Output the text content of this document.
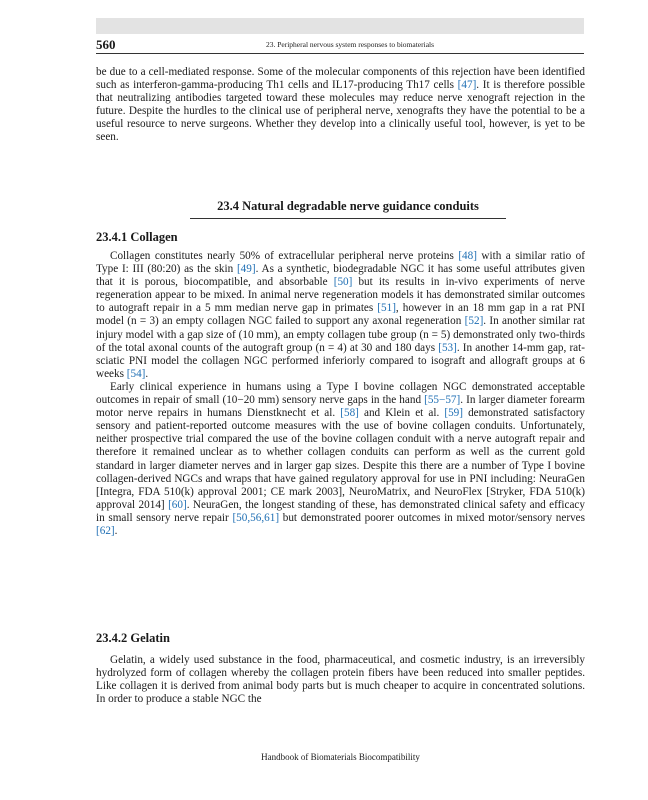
560	23. Peripheral nervous system responses to biomaterials

be due to a cell-mediated response. Some of the molecular components of this rejection have been identified such as interferon-gamma-producing Th1 cells and IL17-producing Th17 cells [47]. It is therefore possible that neutralizing antibodies targeted toward these molecules may reduce nerve xenograft rejection in the future. Despite the hurdles to the clinical use of peripheral nerve, xenografts they have the potential to be a useful resource to nerve surgeons. Whether they develop into a clinically useful tool, however, is yet to be seen.

23.4 Natural degradable nerve guidance conduits
23.4.1 Collagen

Collagen constitutes nearly 50% of extracellular peripheral nerve proteins [48] with a similar ratio of Type I: III (80:20) as the skin [49]. As a synthetic, biodegradable NGC it has some useful attributes given that it is porous, biocompatible, and absorbable [50] but its results in in-vivo experiments of nerve regeneration appear to be mixed. In animal nerve regeneration models it has demonstrated similar outcomes to autograft repair in a 5 mm median nerve gap in primates [51], however in an 18 mm gap in a rat PNI model (n = 3) an empty collagen NGC failed to support any axonal regeneration [52]. In another similar rat injury model with a gap size of (10 mm), an empty collagen tube group (n = 5) demonstrated only two-thirds of the total axonal counts of the autograft group (n = 4) at 30 and 180 days [53]. In another 14-mm gap, rat-sciatic PNI model the collagen NGC performed inferiorly compared to isograft and allograft groups at 6 weeks [54].

Early clinical experience in humans using a Type I bovine collagen NGC demonstrated acceptable outcomes in repair of small (10−20 mm) sensory nerve gaps in the hand [55−57]. In larger diameter forearm motor nerve repairs in humans Dienstknecht et al. [58] and Klein et al. [59] demonstrated satisfactory sensory and patient-reported outcome measures with the use of bovine collagen conduits. Unfortunately, neither prospective trial compared the use of the bovine collagen conduit with a nerve autograft repair and therefore it remained unclear as to whether collagen conduits can perform as well as the current gold standard in larger diameter nerves and in larger gap sizes. Despite this there are a number of Type I bovine collagen-derived NGCs and wraps that have gained regulatory approval for use in PNI including: NeuraGen [Integra, FDA 510(k) approval 2001; CE mark 2003], NeuroMatrix, and NeuroFlex [Stryker, FDA 510(k) approval 2014] [60]. NeuraGen, the longest standing of these, has demonstrated clinical safety and efficacy in small sensory nerve repair [50,56,61] but demonstrated poorer outcomes in mixed motor/sensory nerves [62].

23.4.2 Gelatin

Gelatin, a widely used substance in the food, pharmaceutical, and cosmetic industry, is an irreversibly hydrolyzed form of collagen whereby the collagen protein fibers have been reduced into smaller peptides. Like collagen it is derived from animal body parts but is much cheaper to acquire in concentrated solutions. In order to produce a stable NGC the

Handbook of Biomaterials Biocompatibility
